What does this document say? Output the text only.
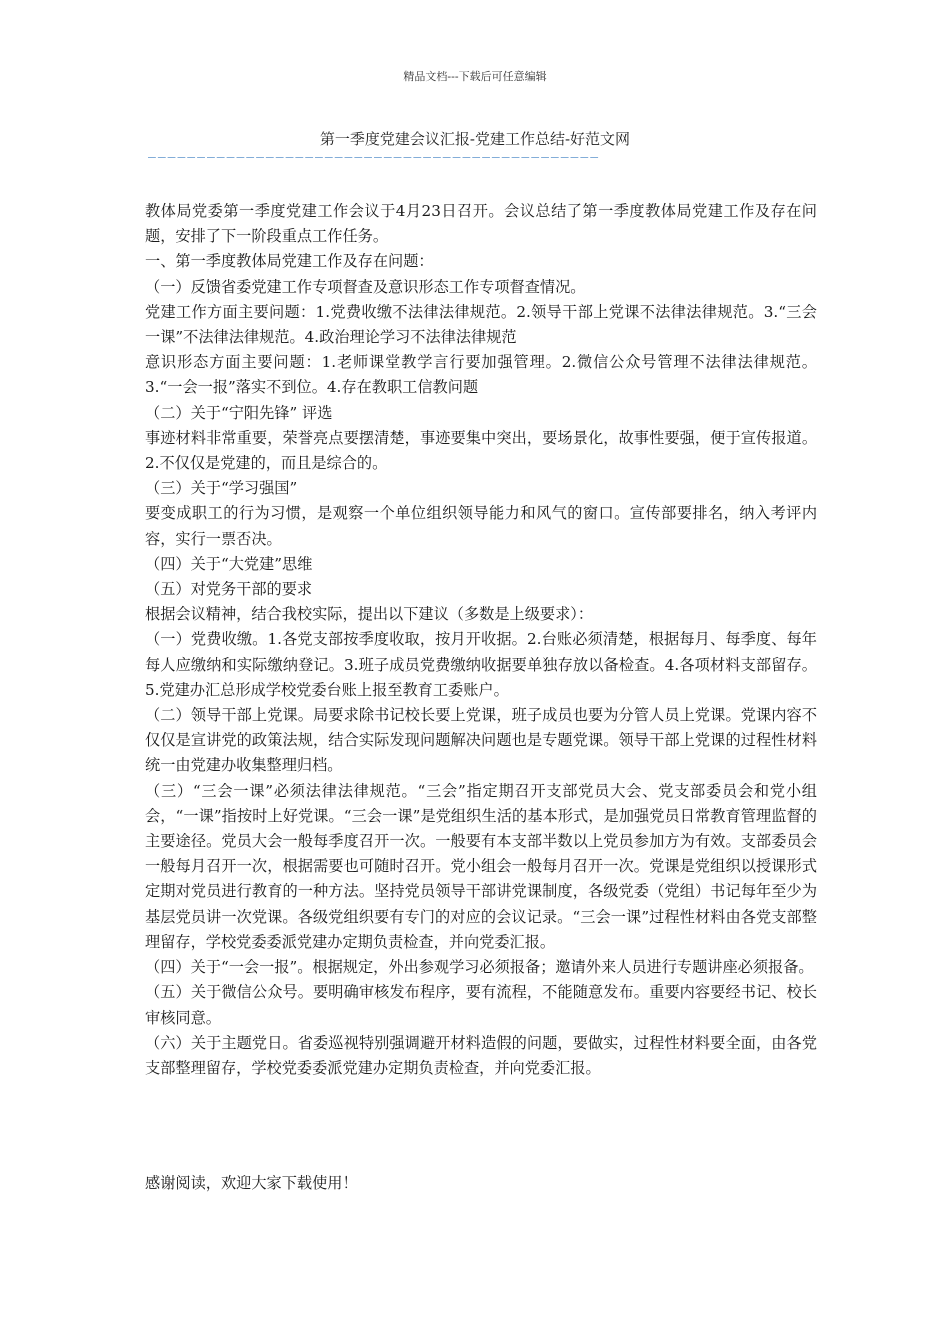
精品文档---下载后可任意编辑
第一季度党建会议汇报-党建工作总结-好范文网
——————————————————————————————————————————————

教体局党委第一季度党建工作会议于4月23日召开。会议总结了第一季度教体局党建工作及存在问题，安排了下一阶段重点工作任务。

一、第一季度教体局党建工作及存在问题：

（一）反馈省委党建工作专项督查及意识形态工作专项督查情况。

党建工作方面主要问题：1.党费收缴不法律法律规范。2.领导干部上党课不法律法律规范。3.“三会一课”不法律法律规范。4.政治理论学习不法律法律规范

意识形态方面主要问题：1.老师课堂教学言行要加强管理。2.微信公众号管理不法律法律规范。3.“一会一报”落实不到位。4.存在教职工信教问题

（二）关于“宁阳先锋” 评选

事迹材料非常重要，荣誉亮点要摆清楚，事迹要集中突出，要场景化，故事性要强，便于宣传报道。2.不仅仅是党建的，而且是综合的。

（三）关于“学习强国”

要变成职工的行为习惯，是观察一个单位组织领导能力和风气的窗口。宣传部要排名，纳入考评内容，实行一票否决。

（四）关于“大党建”思维

（五）对党务干部的要求

根据会议精神，结合我校实际，提出以下建议（多数是上级要求）：

（一）党费收缴。1.各党支部按季度收取，按月开收据。2.台账必须清楚，根据每月、每季度、每年每人应缴纳和实际缴纳登记。3.班子成员党费缴纳收据要单独存放以备检查。4.各项材料支部留存。5.党建办汇总形成学校党委台账上报至教育工委账户。

（二）领导干部上党课。局要求除书记校长要上党课，班子成员也要为分管人员上党课。党课内容不仅仅是宣讲党的政策法规，结合实际发现问题解决问题也是专题党课。领导干部上党课的过程性材料统一由党建办收集整理归档。

（三）“三会一课”必须法律法律规范。“三会”指定期召开支部党员大会、党支部委员会和党小组会，“一课”指按时上好党课。“三会一课”是党组织生活的基本形式，是加强党员日常教育管理监督的主要途径。党员大会一般每季度召开一次。一般要有本支部半数以上党员参加方为有效。支部委员会一般每月召开一次，根据需要也可随时召开。党小组会一般每月召开一次。党课是党组织以授课形式定期对党员进行教育的一种方法。坚持党员领导干部讲党课制度，各级党委（党组）书记每年至少为基层党员讲一次党课。各级党组织要有专门的对应的会议记录。“三会一课”过程性材料由各党支部整理留存，学校党委委派党建办定期负责检查，并向党委汇报。

（四）关于“一会一报”。根据规定，外出参观学习必须报备；邀请外来人员进行专题讲座必须报备。

（五）关于微信公众号。要明确审核发布程序，要有流程，不能随意发布。重要内容要经书记、校长审核同意。

（六）关于主题党日。省委巡视特别强调避开材料造假的问题，要做实，过程性材料要全面，由各党支部整理留存，学校党委委派党建办定期负责检查，并向党委汇报。

感谢阅读，欢迎大家下载使用！
